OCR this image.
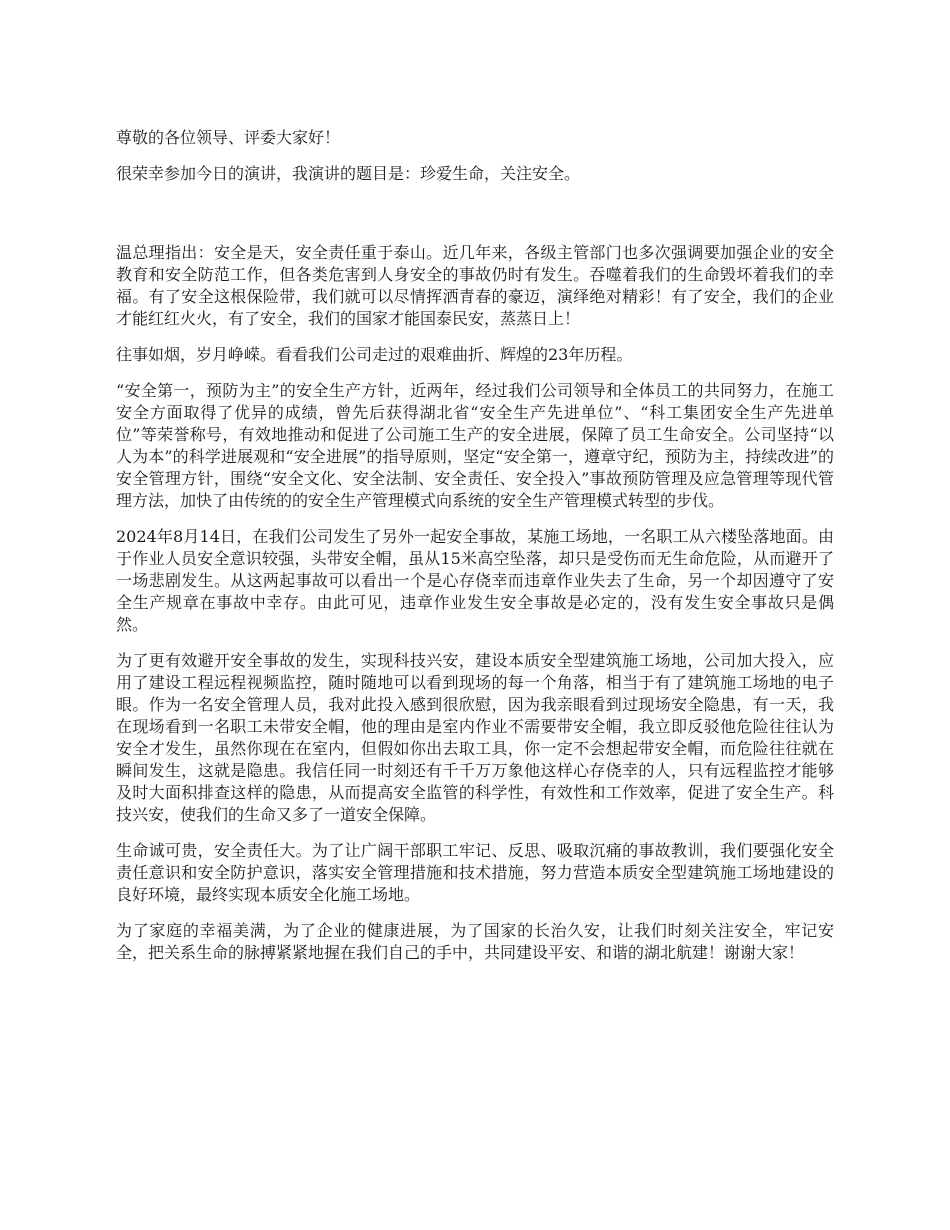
尊敬的各位领导、评委大家好！

很荣幸参加今日的演讲，我演讲的题目是：珍爱生命，关注安全。

温总理指出：安全是天，安全责任重于泰山。近几年来，各级主管部门也多次强调要加强企业的安全教育和安全防范工作，但各类危害到人身安全的事故仍时有发生。吞噬着我们的生命毁坏着我们的幸福。有了安全这根保险带，我们就可以尽情挥洒青春的豪迈，演绎绝对精彩！有了安全，我们的企业才能红红火火，有了安全，我们的国家才能国泰民安，蒸蒸日上！

往事如烟，岁月峥嵘。看看我们公司走过的艰难曲折、辉煌的23年历程。

“安全第一，预防为主”的安全生产方针，近两年，经过我们公司领导和全体员工的共同努力，在施工安全方面取得了优异的成绩，曾先后获得湖北省“安全生产先进单位”、“科工集团安全生产先进单位”等荣誉称号，有效地推动和促进了公司施工生产的安全进展，保障了员工生命安全。公司坚持“以人为本”的科学进展观和“安全进展”的指导原则，坚定“安全第一，遵章守纪，预防为主，持续改进”的安全管理方针，围绕“安全文化、安全法制、安全责任、安全投入”事故预防管理及应急管理等现代管理方法，加快了由传统的的安全生产管理模式向系统的安全生产管理模式转型的步伐。

2024年8月14日，在我们公司发生了另外一起安全事故，某施工场地，一名职工从六楼坠落地面。由于作业人员安全意识较强，头带安全帽，虽从15米高空坠落，却只是受伤而无生命危险，从而避开了一场悲剧发生。从这两起事故可以看出一个是心存侥幸而违章作业失去了生命，另一个却因遵守了安全生产规章在事故中幸存。由此可见，违章作业发生安全事故是必定的，没有发生安全事故只是偶然。

为了更有效避开安全事故的发生，实现科技兴安，建设本质安全型建筑施工场地，公司加大投入，应用了建设工程远程视频监控，随时随地可以看到现场的每一个角落，相当于有了建筑施工场地的电子眼。作为一名安全管理人员，我对此投入感到很欣慰，因为我亲眼看到过现场安全隐患，有一天，我在现场看到一名职工未带安全帽，他的理由是室内作业不需要带安全帽，我立即反驳他危险往往认为安全才发生，虽然你现在在室内，但假如你出去取工具，你一定不会想起带安全帽，而危险往往就在瞬间发生，这就是隐患。我信任同一时刻还有千千万万象他这样心存侥幸的人，只有远程监控才能够及时大面积排查这样的隐患，从而提高安全监管的科学性，有效性和工作效率，促进了安全生产。科技兴安，使我们的生命又多了一道安全保障。

生命诚可贵，安全责任大。为了让广阔干部职工牢记、反思、吸取沉痛的事故教训，我们要强化安全责任意识和安全防护意识，落实安全管理措施和技术措施，努力营造本质安全型建筑施工场地建设的良好环境，最终实现本质安全化施工场地。

为了家庭的幸福美满，为了企业的健康进展，为了国家的长治久安，让我们时刻关注安全，牢记安全，把关系生命的脉搏紧紧地握在我们自己的手中，共同建设平安、和谐的湖北航建！谢谢大家！
